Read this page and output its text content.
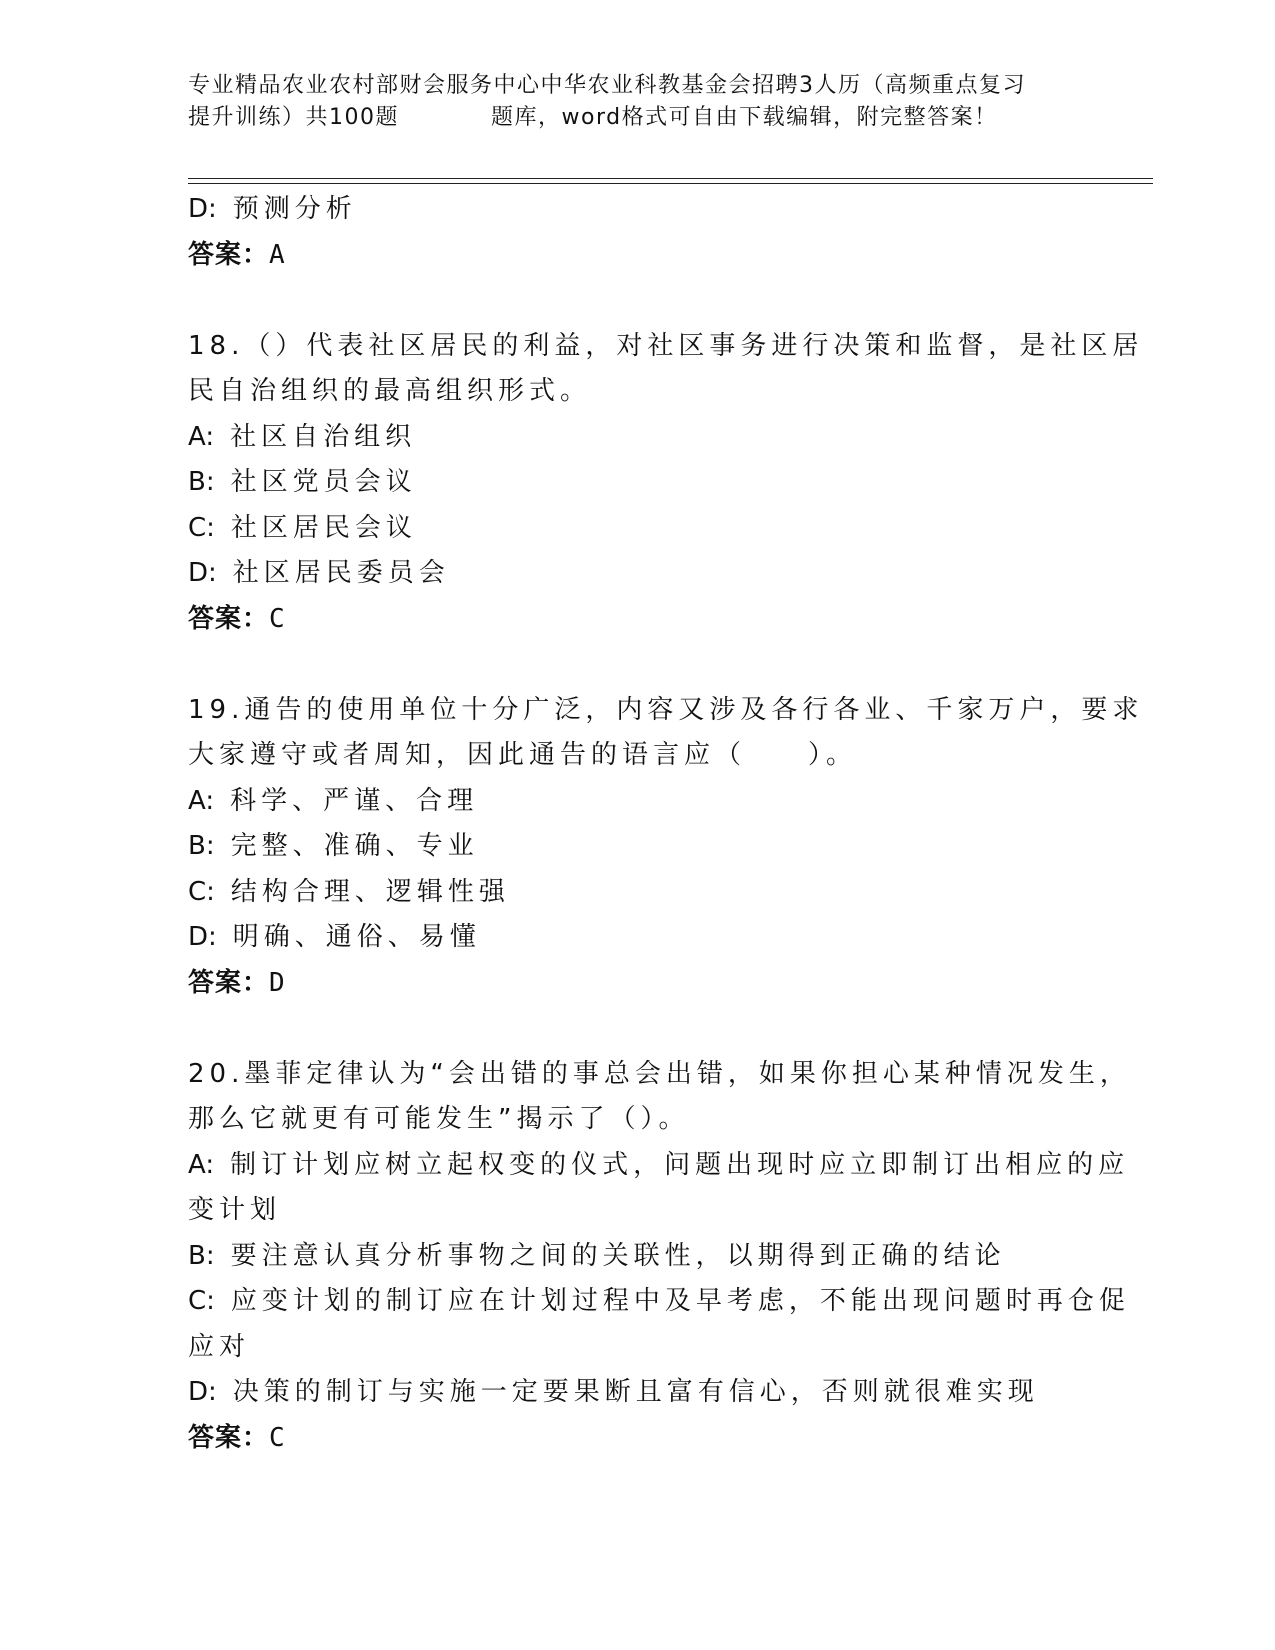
专业精品农业农村部财会服务中心中华农业科教基金会招聘3人历（高频重点复习
提升训练）共100题	题库，word格式可自由下载编辑，附完整答案！
D: 预测分析
答案：A
18.（）代表社区居民的利益，对社区事务进行决策和监督，是社区居
民自治组织的最高组织形式。
A: 社区自治组织
B: 社区党员会议
C: 社区居民会议
D: 社区居民委员会
答案：C
19.通告的使用单位十分广泛，内容又涉及各行各业、千家万户，要求
大家遵守或者周知，因此通告的语言应（　　）。
A: 科学、严谨、合理
B: 完整、准确、专业
C: 结构合理、逻辑性强
D: 明确、通俗、易懂
答案：D
20.墨菲定律认为“会出错的事总会出错，如果你担心某种情况发生，
那么它就更有可能发生”揭示了（）。
A: 制订计划应树立起权变的仪式，问题出现时应立即制订出相应的应
变计划
B: 要注意认真分析事物之间的关联性，以期得到正确的结论
C: 应变计划的制订应在计划过程中及早考虑，不能出现问题时再仓促
应对
D: 决策的制订与实施一定要果断且富有信心，否则就很难实现
答案：C
